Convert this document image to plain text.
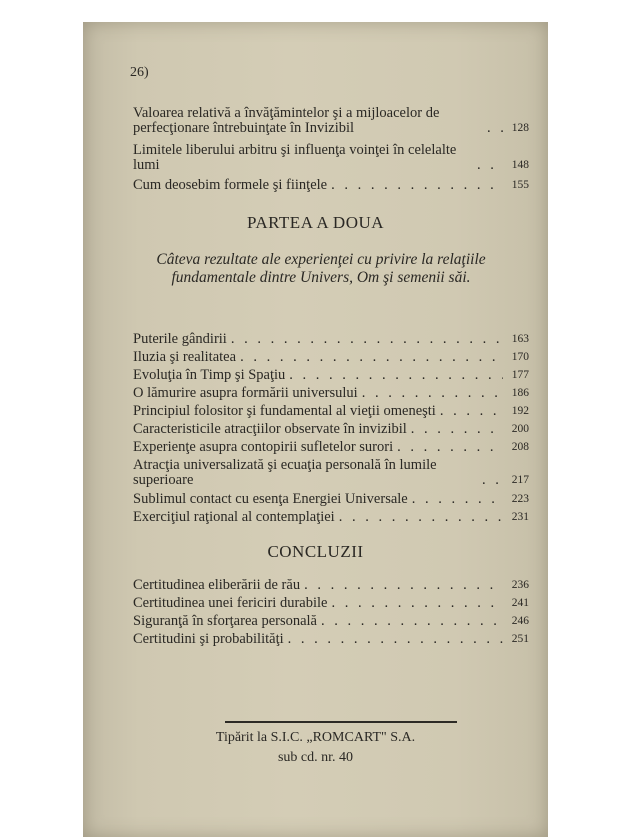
26)
Valoarea relativă a învăţămintelor şi a mijloacelor de perfecţionare întrebuinţate în Invizibil . . .	128
Limitele liberului arbitru şi influenţa voinţei în celelalte lumi . . .	148
Cum deosebim formele şi fiinţele . . .	155
PARTEA A DOUA
Câteva rezultate ale experienţei cu privire la relaţiile fundamentale dintre Univers, Om şi semenii săi.
Puterile gândirii . . .	163
Iluzia şi realitatea . . .	170
Evoluţia în Timp şi Spaţiu . . .	177
O lămurire asupra formării universului . . .	186
Principiul folositor şi fundamental al vieţii omeneşti . . .	192
Caracteristicile atracţiilor observate în invizibil . . .	200
Experienţe asupra contopirii sufletelor surori . . .	208
Atracţia universalizată şi ecuaţia personală în lumile superioare . . .	217
Sublimul contact cu esenţa Energiei Universale . . .	223
Exerciţiul raţional al contemplaţiei . . .	231
CONCLUZII
Certitudinea eliberării de rău . . .	236
Certitudinea unei fericiri durabile . . .	241
Siguranţă în sforţarea personală . . .	246
Certitudini şi probabilităţi . . .	251
Tipărit la S.I.C. „ROMCART" S.A.
sub cd. nr. 40
